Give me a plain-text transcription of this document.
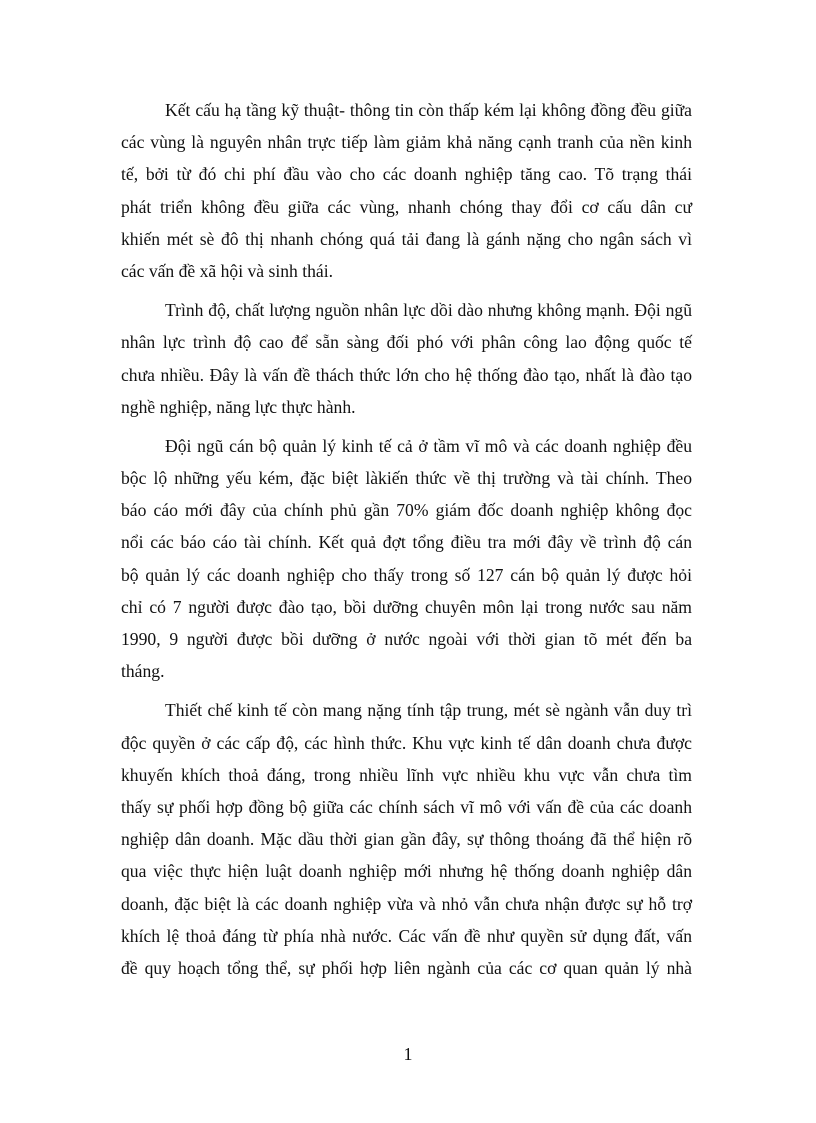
Kết cấu hạ tầng kỹ thuật- thông tin còn thấp kém lại không đồng đều giữa
các vùng là nguyên nhân trực tiếp làm giảm khả năng cạnh tranh của nền kinh
tế, bởi từ đó chi phí đầu vào cho các doanh nghiệp tăng cao. Tõ trạng thái
phát triển không đều giữa các vùng, nhanh chóng thay đổi cơ cấu dân cư
khiến mét sè đô thị nhanh chóng quá tải đang là gánh nặng cho ngân sách vì
các vấn đề xã hội và sinh thái.

Trình độ, chất lượng nguồn nhân lực dồi dào nhưng không mạnh. Đội ngũ
nhân lực trình độ cao để sẵn sàng đối phó với phân công lao động quốc tế
chưa nhiều. Đây là vấn đề thách thức lớn cho hệ thống đào tạo, nhất là đào tạo
nghề nghiệp, năng lực thực hành.

Đội ngũ cán bộ quản lý kinh tế cả ở tầm vĩ mô và các doanh nghiệp đều
bộc lộ những yếu kém, đặc biệt làkiến thức về thị trường và tài chính. Theo
báo cáo mới đây của chính phủ gần 70% giám đốc doanh nghiệp không đọc
nổi các báo cáo tài chính. Kết quả đợt tổng điều tra mới đây về trình độ cán
bộ quản lý các doanh nghiệp cho thấy trong số 127 cán bộ quản lý được hỏi
chỉ có 7 người được đào tạo, bồi dưỡng chuyên môn lại trong nước sau năm
1990, 9 người được bồi dưỡng ở nước ngoài với thời gian tõ mét đến ba
tháng.

Thiết chế kinh tế còn mang nặng tính tập trung, mét sè ngành vẫn duy trì
độc quyền ở các cấp độ, các hình thức. Khu vực kinh tế dân doanh chưa được
khuyến khích thoả đáng, trong nhiều lĩnh vực nhiều khu vực vẫn chưa tìm
thấy sự phối hợp đồng bộ giữa các chính sách vĩ mô với vấn đề của các doanh
nghiệp dân doanh. Mặc dầu thời gian gần đây, sự thông thoáng đã thể hiện rõ
qua việc thực hiện luật doanh nghiệp mới nhưng hệ thống doanh nghiệp dân
doanh, đặc biệt là các doanh nghiệp vừa và nhỏ vẫn chưa nhận được sự hỗ trợ
khích lệ thoả đáng từ phía nhà nước. Các vấn đề như quyền sử dụng đất, vấn
đề quy hoạch tổng thể, sự phối hợp liên ngành của các cơ quan quản lý nhà

1
